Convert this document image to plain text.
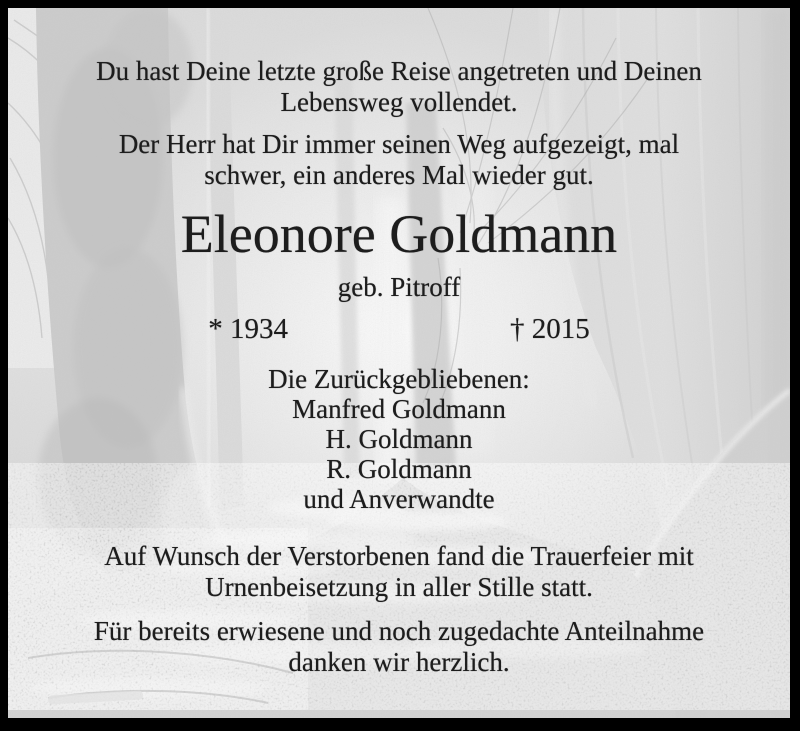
Du hast Deine letzte große Reise angetreten und Deinen
Lebensweg vollendet.

Der Herr hat Dir immer seinen Weg aufgezeigt, mal
schwer, ein anderes Mal wieder gut.

Eleonore Goldmann

geb. Pitroff

* 1934	† 2015

Die Zurückgebliebenen:
Manfred Goldmann
H. Goldmann
R. Goldmann
und Anverwandte

Auf Wunsch der Verstorbenen fand die Trauerfeier mit
Urnenbeisetzung in aller Stille statt.

Für bereits erwiesene und noch zugedachte Anteilnahme
danken wir herzlich.
